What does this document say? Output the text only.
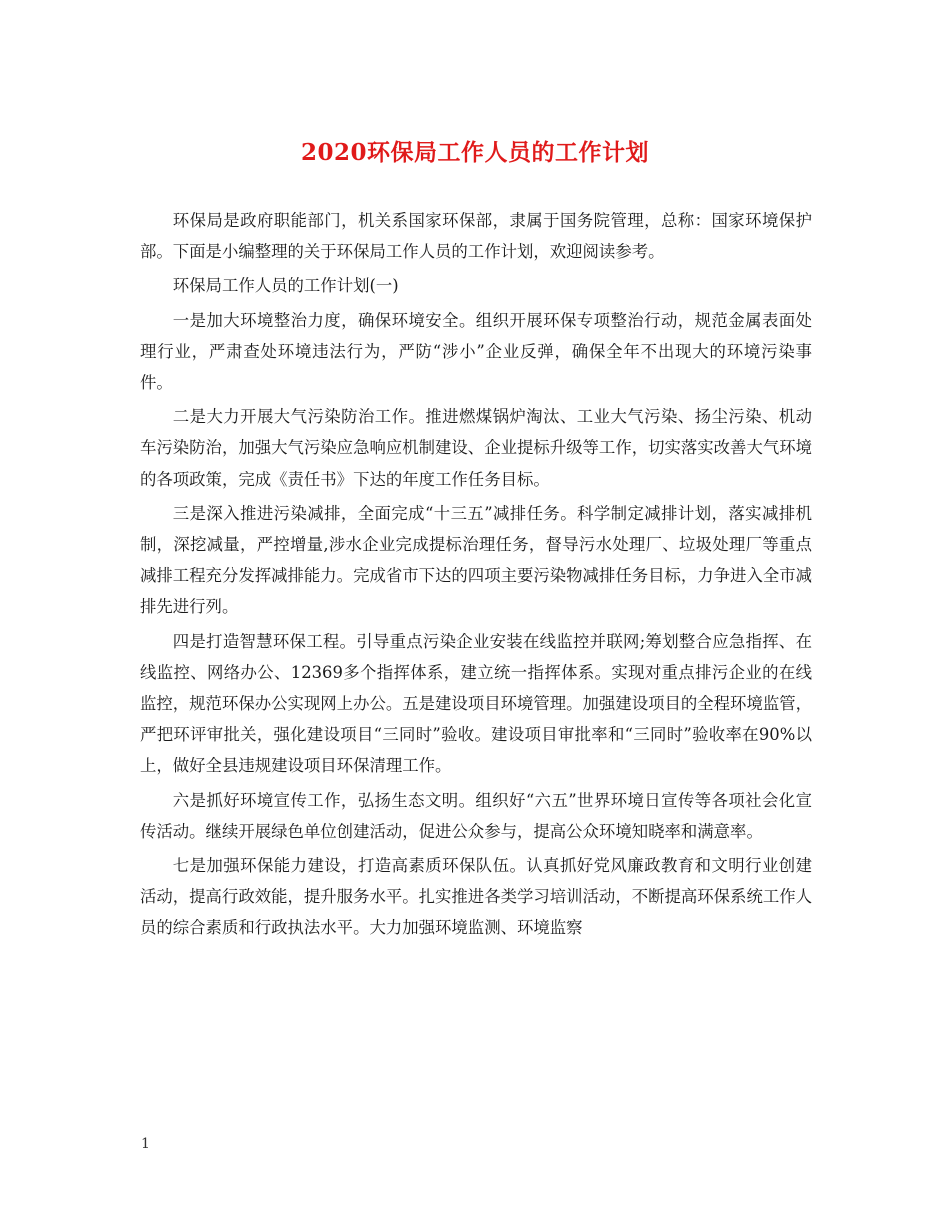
2020环保局工作人员的工作计划

环保局是政府职能部门，机关系国家环保部，隶属于国务院管理，总称：国家环境保护部。下面是小编整理的关于环保局工作人员的工作计划，欢迎阅读参考。

环保局工作人员的工作计划(一)

一是加大环境整治力度，确保环境安全。组织开展环保专项整治行动，规范金属表面处理行业，严肃查处环境违法行为，严防“涉小”企业反弹，确保全年不出现大的环境污染事件。

二是大力开展大气污染防治工作。推进燃煤锅炉淘汰、工业大气污染、扬尘污染、机动车污染防治，加强大气污染应急响应机制建设、企业提标升级等工作，切实落实改善大气环境的各项政策，完成《责任书》下达的年度工作任务目标。

三是深入推进污染减排，全面完成“十三五”减排任务。科学制定减排计划，落实减排机制，深挖减量，严控增量,涉水企业完成提标治理任务，督导污水处理厂、垃圾处理厂等重点减排工程充分发挥减排能力。完成省市下达的四项主要污染物减排任务目标，力争进入全市减排先进行列。

四是打造智慧环保工程。引导重点污染企业安装在线监控并联网;筹划整合应急指挥、在线监控、网络办公、12369多个指挥体系，建立统一指挥体系。实现对重点排污企业的在线监控，规范环保办公实现网上办公。五是建设项目环境管理。加强建设项目的全程环境监管，严把环评审批关，强化建设项目“三同时”验收。建设项目审批率和“三同时”验收率在90%以上，做好全县违规建设项目环保清理工作。

六是抓好环境宣传工作，弘扬生态文明。组织好“六五”世界环境日宣传等各项社会化宣传活动。继续开展绿色单位创建活动，促进公众参与，提高公众环境知晓率和满意率。

七是加强环保能力建设，打造高素质环保队伍。认真抓好党风廉政教育和文明行业创建活动，提高行政效能，提升服务水平。扎实推进各类学习培训活动，不断提高环保系统工作人员的综合素质和行政执法水平。大力加强环境监测、环境监察

1
